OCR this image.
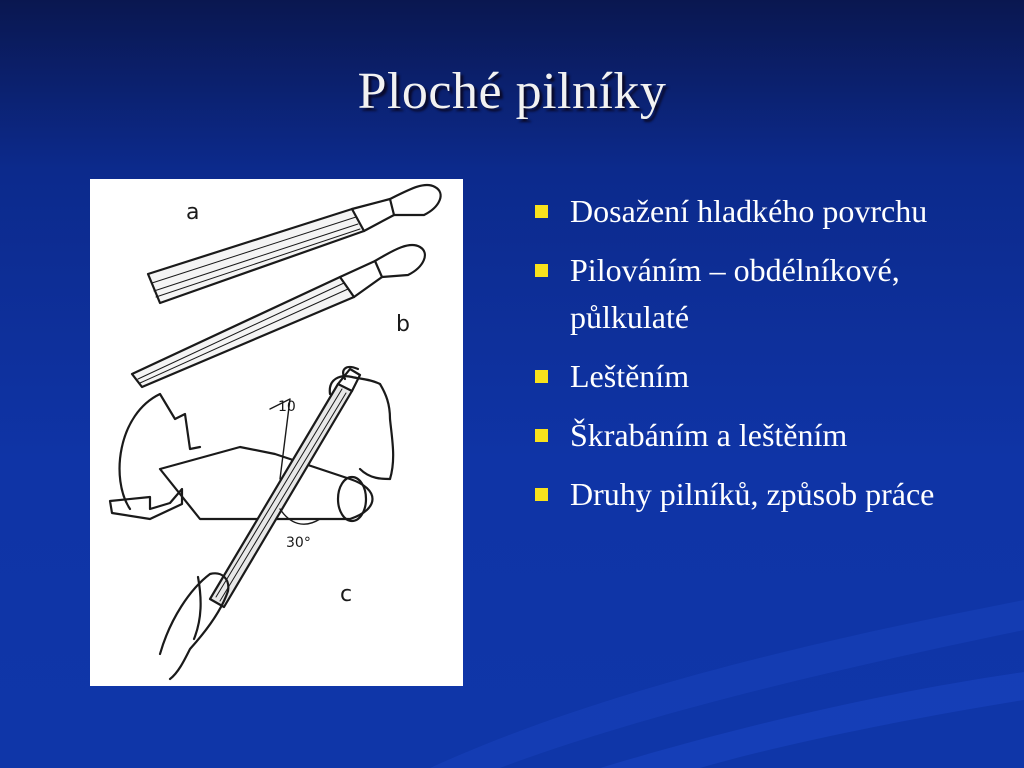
Ploché pilníky
a
b
c
10
30°
Dosažení hladkého povrchu
Pilováním – obdélníkové, půlkulaté
Leštěním
Škrabáním a leštěním
Druhy pilníků, způsob práce
